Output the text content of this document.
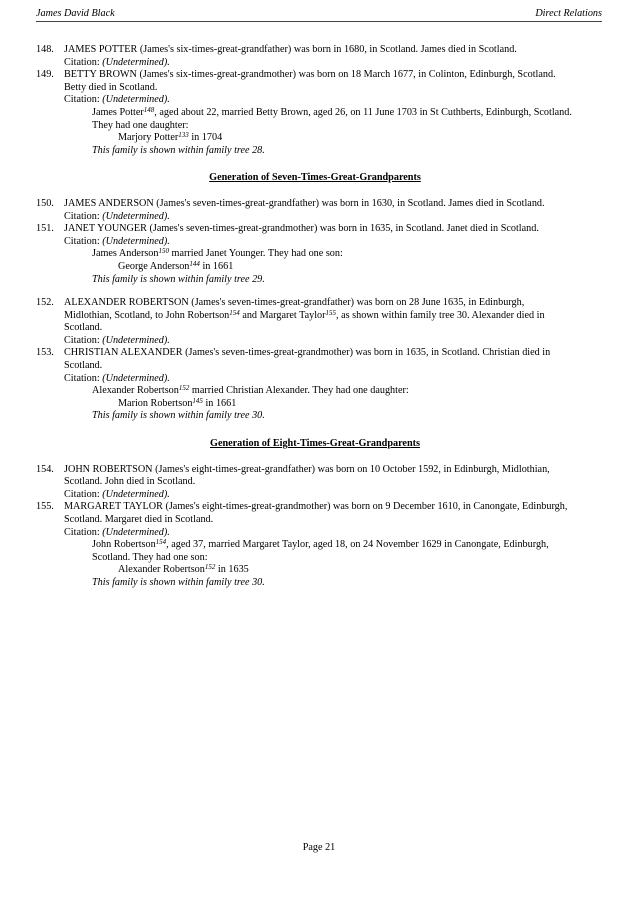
James David Black	Direct Relations
148. JAMES POTTER (James's six-times-great-grandfather) was born in 1680, in Scotland. James died in Scotland.
Citation: (Undetermined).
149. BETTY BROWN (James's six-times-great-grandmother) was born on 18 March 1677, in Colinton, Edinburgh, Scotland.
Betty died in Scotland.
Citation: (Undetermined).
James Potter$^{148}$, aged about 22, married Betty Brown, aged 26, on 11 June 1703 in St Cuthberts, Edinburgh, Scotland.
They had one daughter:
Marjory Potter$^{133}$ in 1704
This family is shown within family tree 28.
Generation of Seven-Times-Great-Grandparents
150. JAMES ANDERSON (James's seven-times-great-grandfather) was born in 1630, in Scotland. James died in Scotland.
Citation: (Undetermined).
151. JANET YOUNGER (James's seven-times-great-grandmother) was born in 1635, in Scotland. Janet died in Scotland.
Citation: (Undetermined).
James Anderson$^{150}$ married Janet Younger. They had one son:
George Anderson$^{144}$ in 1661
This family is shown within family tree 29.
152. ALEXANDER ROBERTSON (James's seven-times-great-grandfather) was born on 28 June 1635, in Edinburgh,
Midlothian, Scotland, to John Robertson$^{154}$ and Margaret Taylor$^{155}$, as shown within family tree 30. Alexander died in
Scotland.
Citation: (Undetermined).
153. CHRISTIAN ALEXANDER (James's seven-times-great-grandmother) was born in 1635, in Scotland. Christian died in
Scotland.
Citation: (Undetermined).
Alexander Robertson$^{152}$ married Christian Alexander. They had one daughter:
Marion Robertson$^{145}$ in 1661
This family is shown within family tree 30.
Generation of Eight-Times-Great-Grandparents
154. JOHN ROBERTSON (James's eight-times-great-grandfather) was born on 10 October 1592, in Edinburgh, Midlothian,
Scotland. John died in Scotland.
Citation: (Undetermined).
155. MARGARET TAYLOR (James's eight-times-great-grandmother) was born on 9 December 1610, in Canongate, Edinburgh,
Scotland. Margaret died in Scotland.
Citation: (Undetermined).
John Robertson$^{154}$, aged 37, married Margaret Taylor, aged 18, on 24 November 1629 in Canongate, Edinburgh,
Scotland. They had one son:
Alexander Robertson$^{152}$ in 1635
This family is shown within family tree 30.
Page 21
